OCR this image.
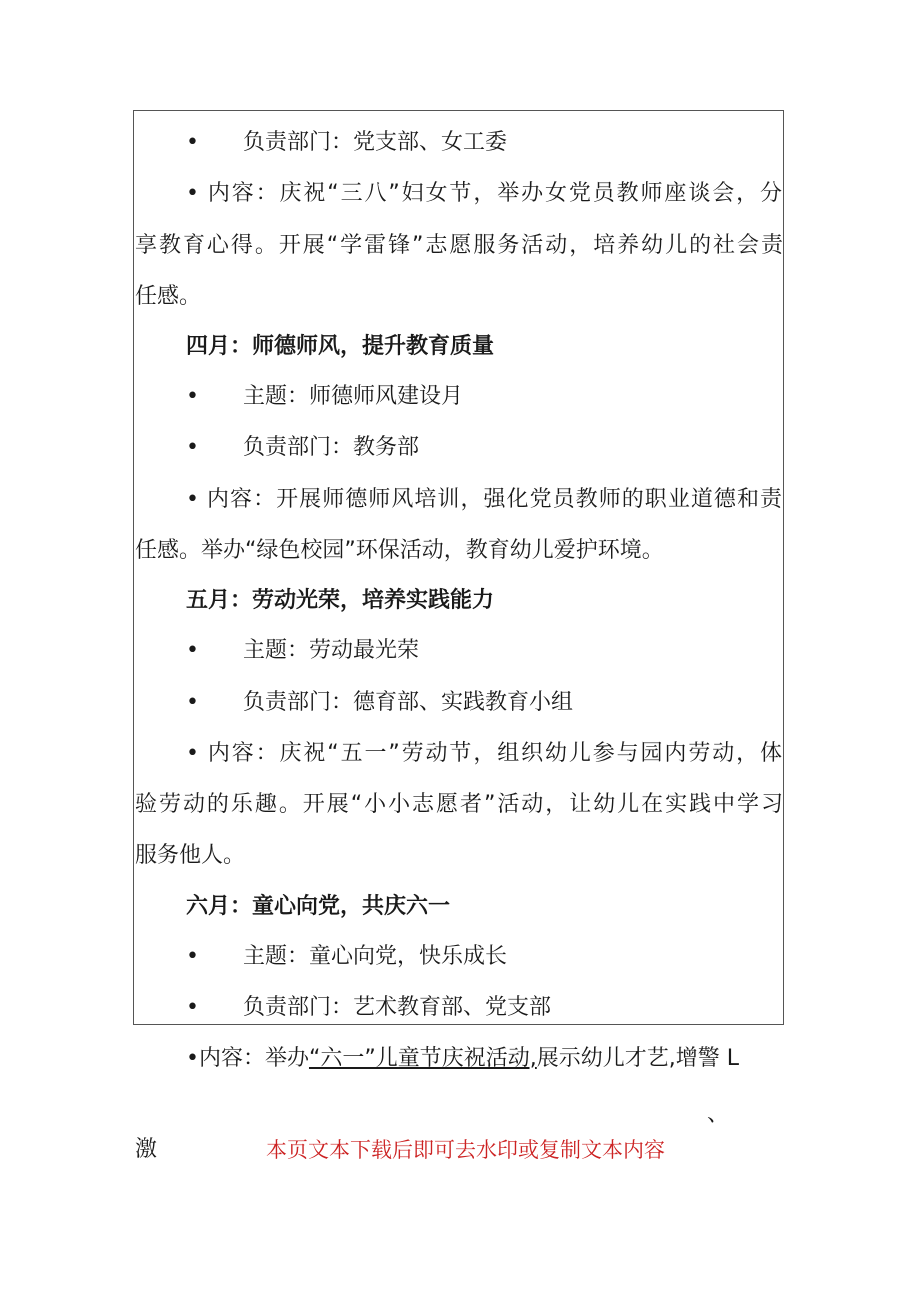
• 负责部门：党支部、女工委
• 内容：庆祝“三八”妇女节，举办女党员教师座谈会，分
享教育心得。开展“学雷锋”志愿服务活动，培养幼儿的社会责
任感。
四月：师德师风，提升教育质量
• 主题：师德师风建设月
• 负责部门：教务部
• 内容：开展师德师风培训，强化党员教师的职业道德和责
任感。举办“绿色校园”环保活动，教育幼儿爱护环境。
五月：劳动光荣，培养实践能力
• 主题：劳动最光荣
• 负责部门：德育部、实践教育小组
• 内容：庆祝“五一”劳动节，组织幼儿参与园内劳动，体
验劳动的乐趣。开展“小小志愿者”活动，让幼儿在实践中学习
服务他人。
六月：童心向党，共庆六一
• 主题：童心向党，快乐成长
• 负责部门：艺术教育部、党支部
•内容：举办“六一”儿童节庆祝活动,展示幼儿才艺,增警 L
、
激	本页文本下载后即可去水印或复制文本内容
